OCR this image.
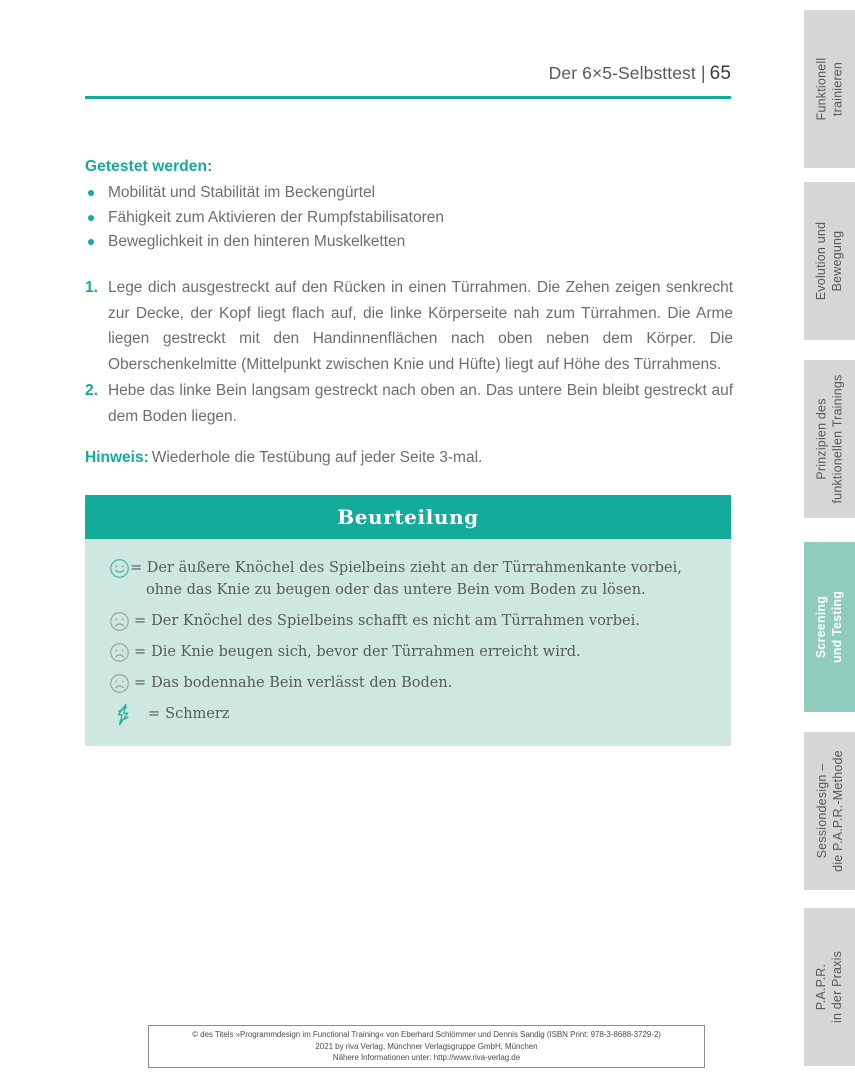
Der 6×5-Selbsttest | 65
Getestet werden:
Mobilität und Stabilität im Beckengürtel
Fähigkeit zum Aktivieren der Rumpfstabilisatoren
Beweglichkeit in den hinteren Muskelketten
1. Lege dich ausgestreckt auf den Rücken in einen Türrahmen. Die Zehen zeigen senkrecht zur Decke, der Kopf liegt flach auf, die linke Körperseite nah zum Türrahmen. Die Arme liegen gestreckt mit den Handinnenflächen nach oben neben dem Körper. Die Oberschenkelmitte (Mittelpunkt zwischen Knie und Hüfte) liegt auf Höhe des Türrahmens.
2. Hebe das linke Bein langsam gestreckt nach oben an. Das untere Bein bleibt gestreckt auf dem Boden liegen.
Hinweis: Wiederhole die Testübung auf jeder Seite 3-mal.
Beurteilung
= Der äußere Knöchel des Spielbeins zieht an der Türrahmenkante vorbei,
ohne das Knie zu beugen oder das untere Bein vom Boden zu lösen.
= Der Knöchel des Spielbeins schafft es nicht am Türrahmen vorbei.
= Die Knie beugen sich, bevor der Türrahmen erreicht wird.
= Das bodennahe Bein verlässt den Boden.
= Schmerz
© des Titels »Programmdesign im Functional Training« von Eberhard Schlömmer und Dennis Sandig (ISBN Print: 978-3-8688-3729-2)
2021 by riva Verlag, Münchner Verlagsgruppe GmbH, München
Nähere Informationen unter: http://www.riva-verlag.de
Funktionell trainieren
Evolution und Bewegung
Prinzipien des funktionellen Trainings
Screening und Testing
Sessiondesign – die P.A.P.R.-Methode
P.A.P.R. in der Praxis
